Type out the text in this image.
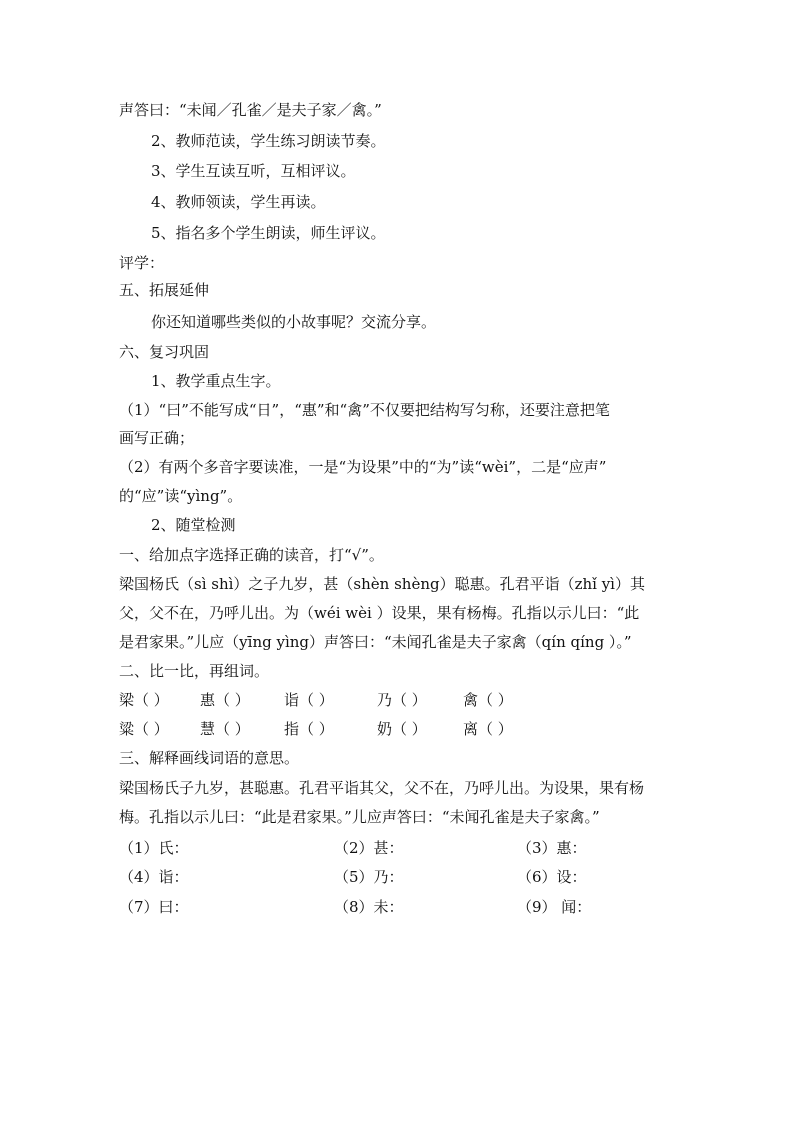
声答曰：“未闻／孔雀／是夫子家／禽。”
2、教师范读，学生练习朗读节奏。
3、学生互读互听，互相评议。
4、教师领读，学生再读。
5、指名多个学生朗读，师生评议。
评学：
五、拓展延伸
你还知道哪些类似的小故事呢？交流分享。
六、复习巩固
1、教学重点生字。
（1）“曰”不能写成“日”，“惠”和“禽”不仅要把结构写匀称，还要注意把笔
画写正确；
（2）有两个多音字要读准，一是“为设果”中的“为”读“wèi”，二是“应声”
的“应”读“yìng”。
2、随堂检测
一、给加点字选择正确的读音，打“√”。
梁国杨氏（sì shì）之子九岁，甚（shèn shèng）聪惠。孔君平诣（zhǐ yì）其
父，父不在，乃呼儿出。为（wéi wèi ）设果，果有杨梅。孔指以示儿曰：“此
是君家果。”儿应（yīng yìng）声答曰：“未闻孔雀是夫子家禽（qín qíng ）。”
二、比一比，再组词。
梁（ ） 惠（ ） 诣（ ）	乃（ ） 禽（ ）
粱（ ） 慧（ ） 指（ ）	奶（ ） 离（ ）
三、解释画线词语的意思。
梁国杨氏子九岁，甚聪惠。孔君平诣其父，父不在，乃呼儿出。为设果，果有杨
梅。孔指以示儿曰：“此是君家果。”儿应声答曰：“未闻孔雀是夫子家禽。”
（1）氏：	（2）甚：	（3）惠：
（4）诣：	（5）乃：	（6）设：
（7）曰：	（8）未：	（9） 闻：
